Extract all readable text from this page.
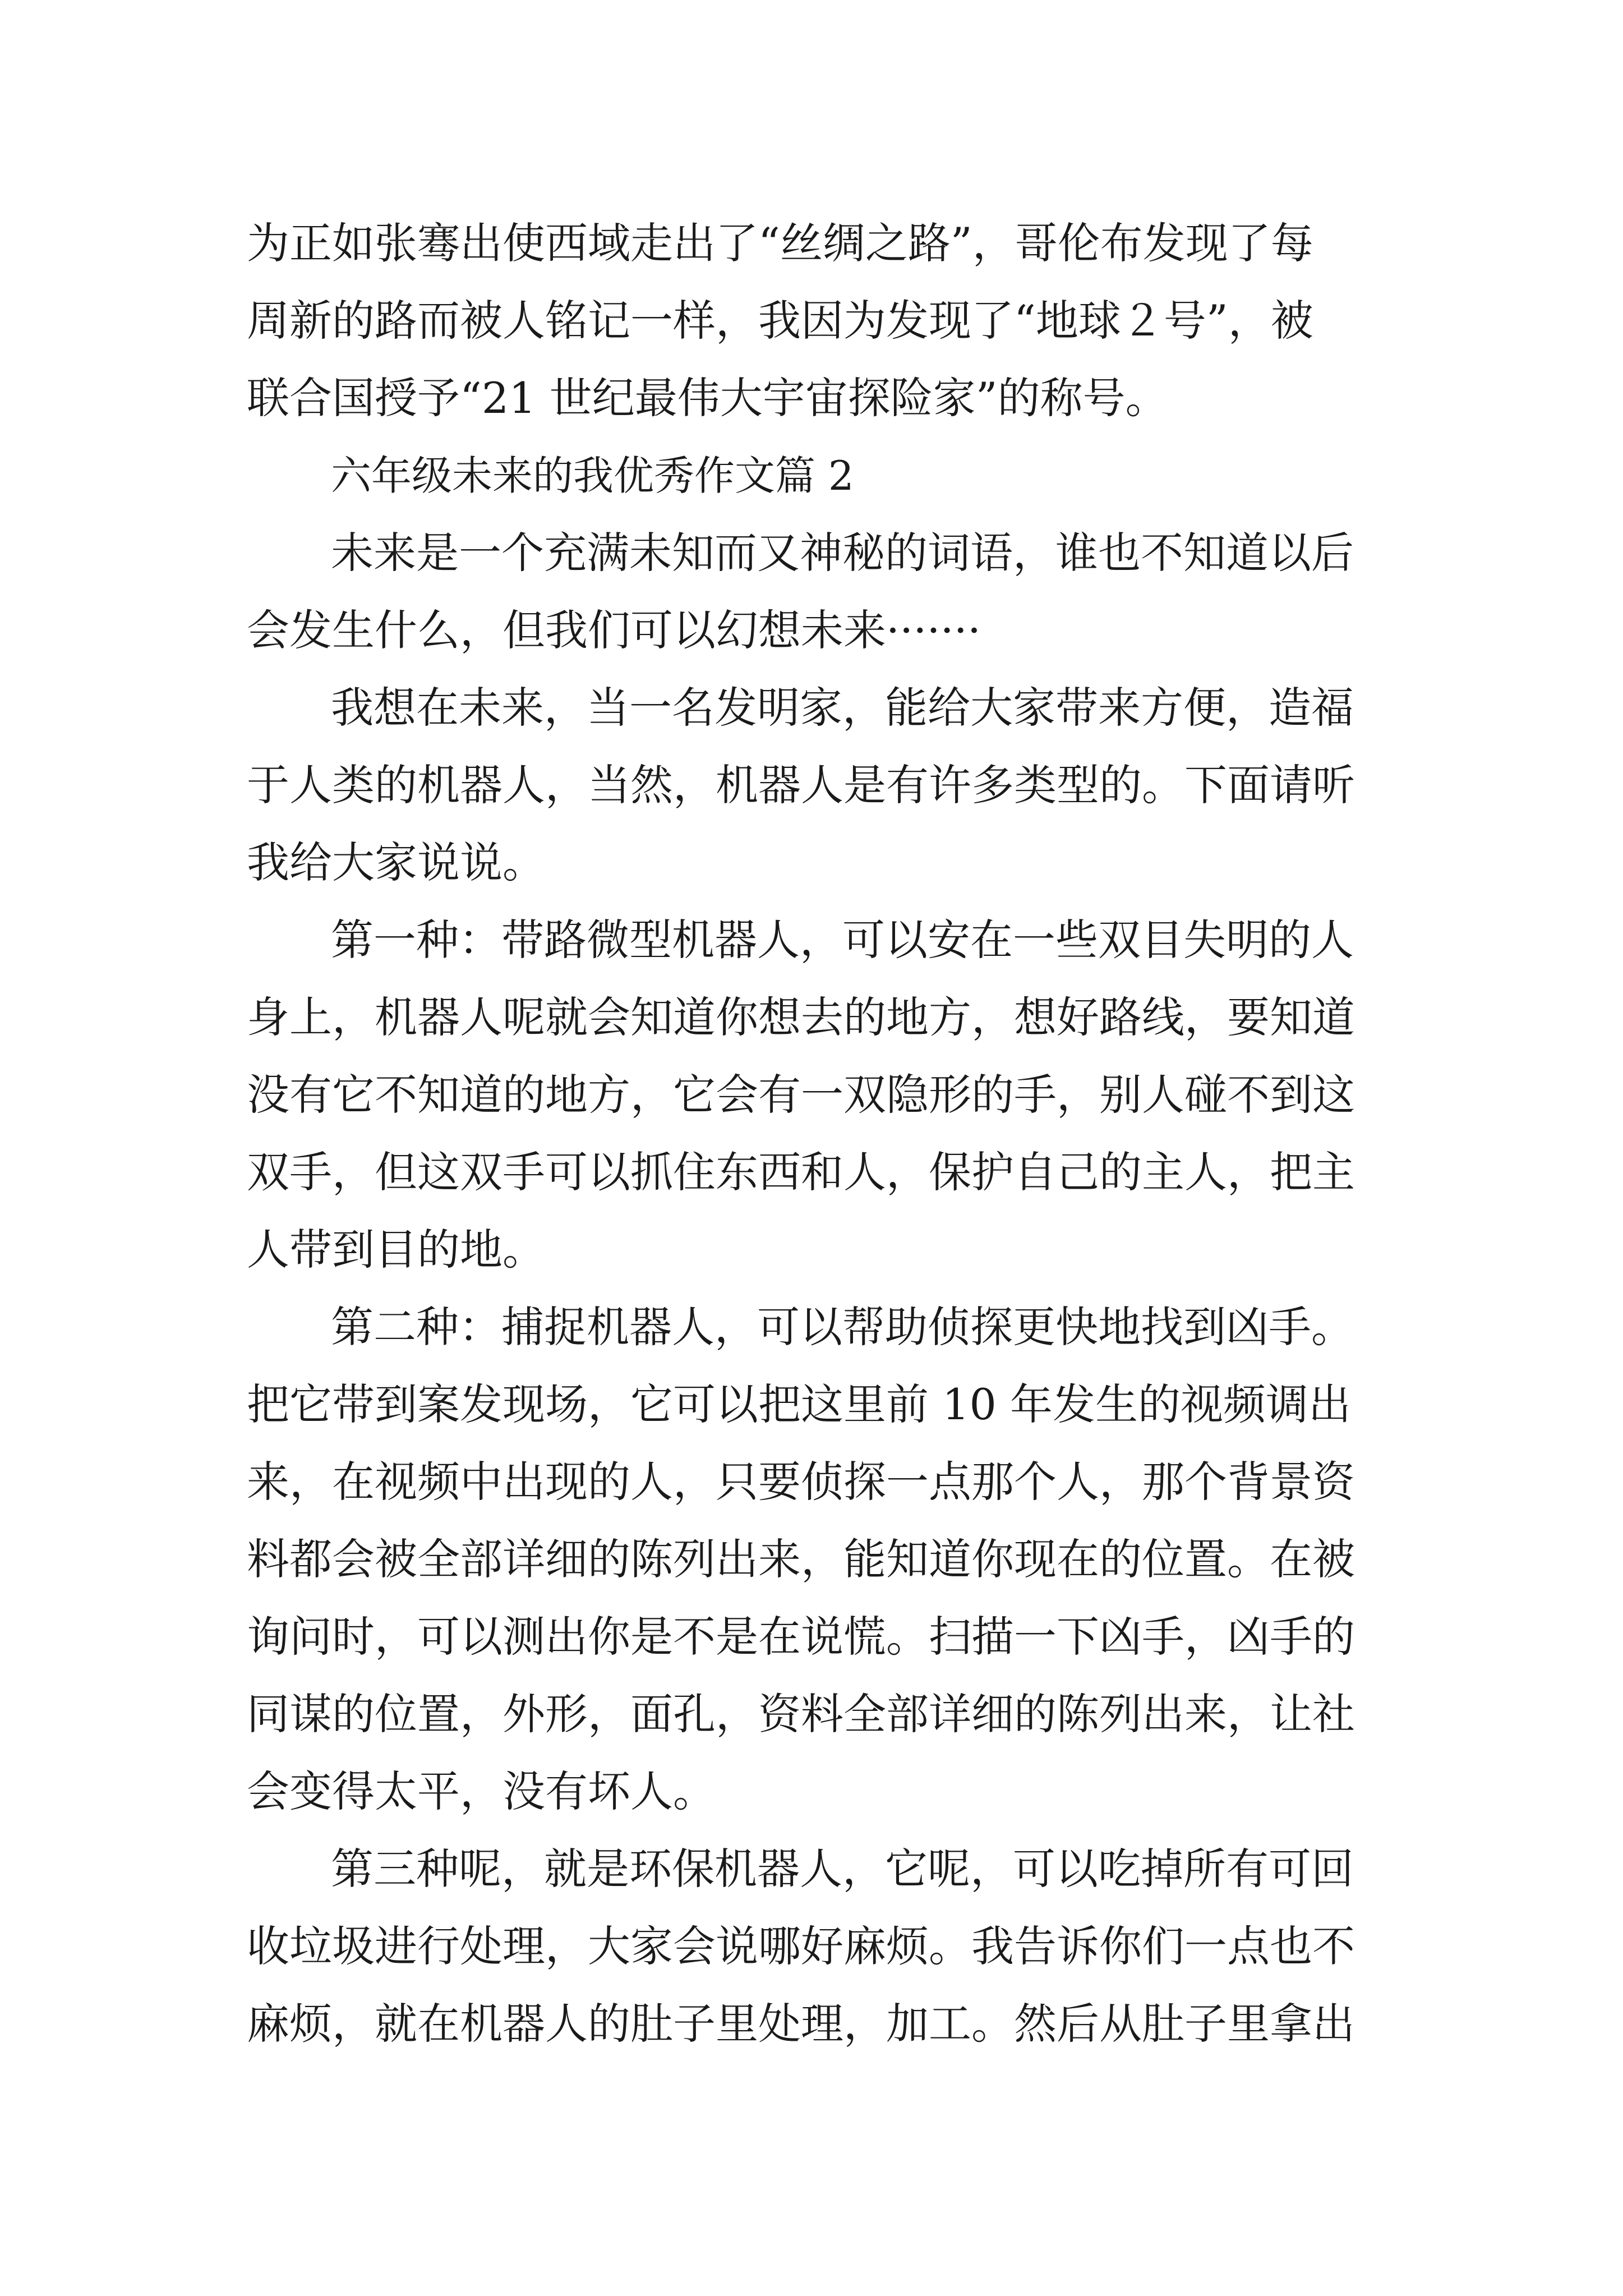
为正如张骞出使西域走出了“丝绸之路”，哥伦布发现了每
周新的路而被人铭记一样，我因为发现了“地球２号”，被
联合国授予“21 世纪最伟大宇宙探险家”的称号。
六年级未来的我优秀作文篇 2
未来是一个充满未知而又神秘的词语，谁也不知道以后
会发生什么，但我们可以幻想未来·······
我想在未来，当一名发明家，能给大家带来方便，造福
于人类的机器人，当然，机器人是有许多类型的。下面请听
我给大家说说。
第一种：带路微型机器人，可以安在一些双目失明的人
身上，机器人呢就会知道你想去的地方，想好路线，要知道
没有它不知道的地方，它会有一双隐形的手，别人碰不到这
双手，但这双手可以抓住东西和人，保护自己的主人，把主
人带到目的地。
第二种：捕捉机器人，可以帮助侦探更快地找到凶手。
把它带到案发现场，它可以把这里前 10 年发生的视频调出
来，在视频中出现的人，只要侦探一点那个人，那个背景资
料都会被全部详细的陈列出来，能知道你现在的位置。在被
询问时，可以测出你是不是在说慌。扫描一下凶手，凶手的
同谋的位置，外形，面孔，资料全部详细的陈列出来，让社
会变得太平，没有坏人。
第三种呢，就是环保机器人，它呢，可以吃掉所有可回
收垃圾进行处理，大家会说哪好麻烦。我告诉你们一点也不
麻烦，就在机器人的肚子里处理，加工。然后从肚子里拿出
